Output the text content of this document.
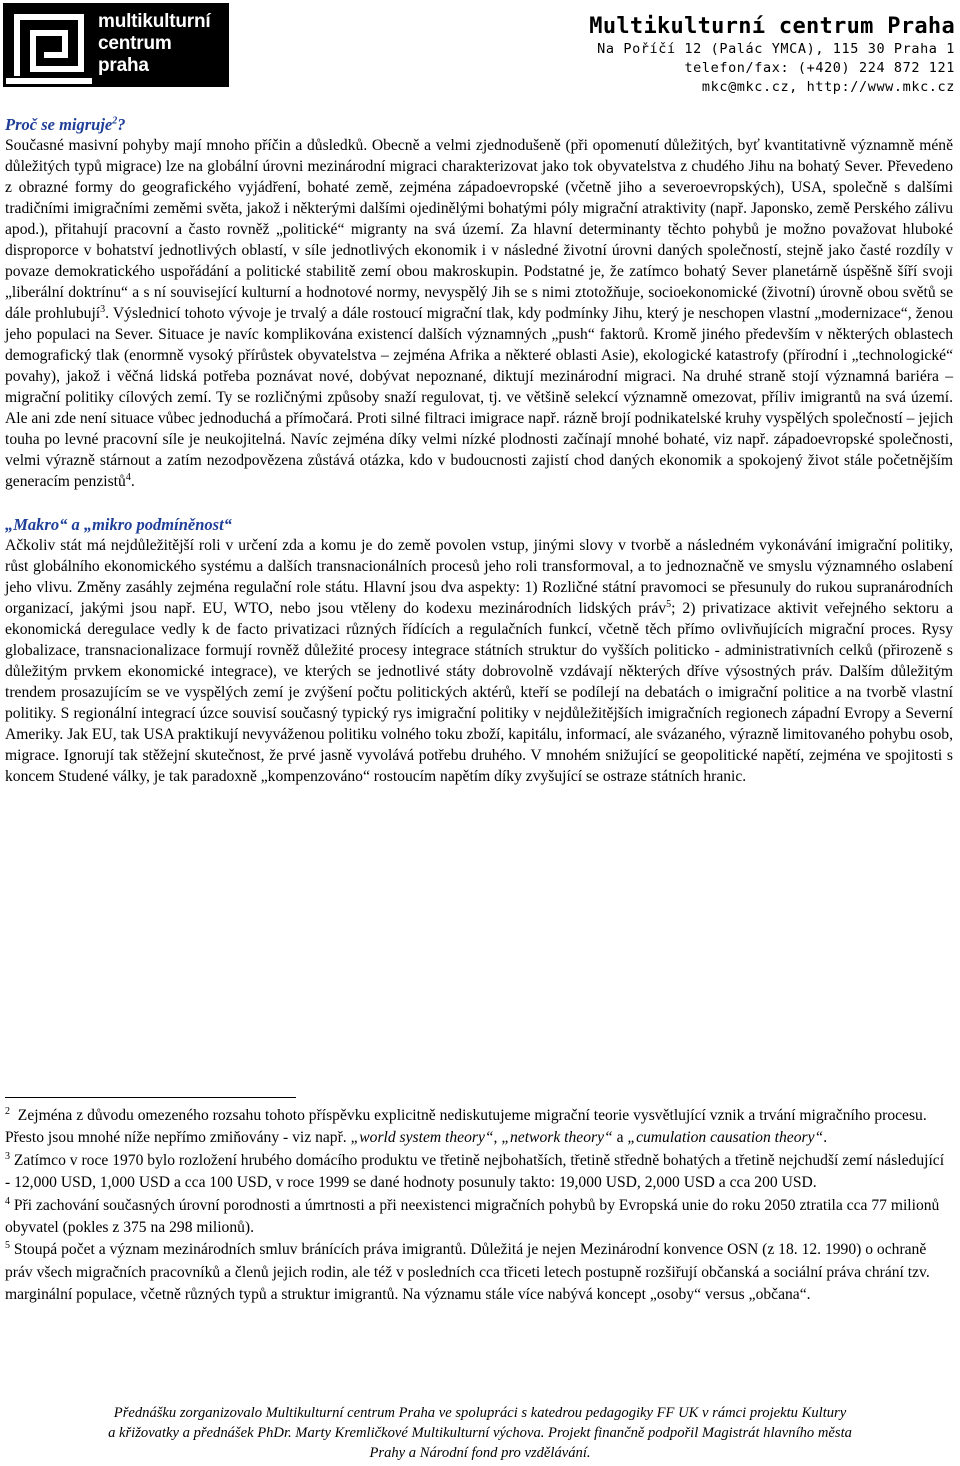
multikulturní
centrum
praha
Multikulturní centrum Praha
Na Poříčí 12 (Palác YMCA), 115 30 Praha 1
telefon/fax: (+420) 224 872 121
mkc@mkc.cz, http://www.mkc.cz

Proč se migruje$^2$?

Současné masivní pohyby mají mnoho příčin a důsledků. Obecně a velmi zjednodušeně (při opomenutí důležitých, byť kvantitativně významně méně důležitých typů migrace) lze na globální úrovni mezinárodní migraci charakterizovat jako tok obyvatelstva z chudého Jihu na bohatý Sever. Převedeno z obrazné formy do geografického vyjádření, bohaté země, zejména západoevropské (včetně jiho a severoevropských), USA, společně s dalšími tradičními imigračními zeměmi světa, jakož i některými dalšími ojedinělými bohatými póly migrační atraktivity (např. Japonsko, země Perského zálivu apod.), přitahují pracovní a často rovněž „politické“ migranty na svá území. Za hlavní determinanty těchto pohybů je možno považovat hluboké disproporce v bohatství jednotlivých oblastí, v síle jednotlivých ekonomik i v následné životní úrovni daných společností, stejně jako časté rozdíly v povaze demokratického uspořádání a politické stabilitě zemí obou makroskupin. Podstatné je, že zatímco bohatý Sever planetárně úspěšně šíří svoji „liberální doktrínu“ a s ní související kulturní a hodnotové normy, nevyspělý Jih se s nimi ztotožňuje, socioekonomické (životní) úrovně obou světů se dále prohlubují$^3$. Výslednicí tohoto vývoje je trvalý a dále rostoucí migrační tlak, kdy podmínky Jihu, který je neschopen vlastní „modernizace“, ženou jeho populaci na Sever. Situace je navíc komplikována existencí dalších významných „push“ faktorů. Kromě jiného především v některých oblastech demografický tlak (enormně vysoký přírůstek obyvatelstva – zejména Afrika a některé oblasti Asie), ekologické katastrofy (přírodní i „technologické“ povahy), jakož i věčná lidská potřeba poznávat nové, dobývat nepoznané, diktují mezinárodní migraci. Na druhé straně stojí významná bariéra – migrační politiky cílových zemí. Ty se rozličnými způsoby snaží regulovat, tj. ve většině selekcí významně omezovat, příliv imigrantů na svá území. Ale ani zde není situace vůbec jednoduchá a přímočará. Proti silné filtraci imigrace např. rázně brojí podnikatelské kruhy vyspělých společností – jejich touha po levné pracovní síle je neukojitelná. Navíc zejména díky velmi nízké plodnosti začínají mnohé bohaté, viz např. západoevropské společnosti, velmi výrazně stárnout a zatím nezodpovězena zůstává otázka, kdo v budoucnosti zajistí chod daných ekonomik a spokojený život stále početnějším generacím penzistů$^4$.

„Makro“ a „mikro podmíněnost“

Ačkoliv stát má nejdůležitější roli v určení zda a komu je do země povolen vstup, jinými slovy v tvorbě a následném vykonávání imigrační politiky, růst globálního ekonomického systému a dalších transnacionálních procesů jeho roli transformoval, a to jednoznačně ve smyslu významného oslabení jeho vlivu. Změny zasáhly zejména regulační role státu. Hlavní jsou dva aspekty: 1) Rozličné státní pravomoci se přesunuly do rukou supranárodních organizací, jakými jsou např. EU, WTO, nebo jsou vtěleny do kodexu mezinárodních lidských práv$^5$; 2) privatizace aktivit veřejného sektoru a ekonomická deregulace vedly k de facto privatizaci různých řídících a regulačních funkcí, včetně těch přímo ovlivňujících migrační proces. Rysy globalizace, transnacionalizace formují rovněž důležité procesy integrace státních struktur do vyšších politicko - administrativních celků (přirozeně s důležitým prvkem ekonomické integrace), ve kterých se jednotlivé státy dobrovolně vzdávají některých dříve výsostných práv. Dalším důležitým trendem prosazujícím se ve vyspělých zemí je zvýšení počtu politických aktérů, kteří se podílejí na debatách o imigrační politice a na tvorbě vlastní politiky. S regionální integrací úzce souvisí současný typický rys imigrační politiky v nejdůležitějších imigračních regionech západní Evropy a Severní Ameriky. Jak EU, tak USA praktikují nevyváženou politiku volného toku zboží, kapitálu, informací, ale svázaného, výrazně limitovaného pohybu osob, migrace. Ignorují tak stěžejní skutečnost, že prvé jasně vyvolává potřebu druhého. V mnohém snižující se geopolitické napětí, zejména ve spojitosti s koncem Studené války, je tak paradoxně „kompenzováno“ rostoucím napětím díky zvyšující se ostraze státních hranic.

$^2$ Zejména z důvodu omezeného rozsahu tohoto příspěvku explicitně nediskutujeme migrační teorie vysvětlující vznik a trvání migračního procesu. Přesto jsou mnohé níže nepřímo zmiňovány - viz např. „world system theory“, „network theory“ a „cumulation causation theory“.

$^3$ Zatímco v roce 1970 bylo rozložení hrubého domácího produktu ve třetině nejbohatších, třetině středně bohatých a třetině nejchudší zemí následující - 12,000 USD, 1,000 USD a cca 100 USD, v roce 1999 se dané hodnoty posunuly takto: 19,000 USD, 2,000 USD a cca 200 USD.

$^4$ Při zachování současných úrovní porodnosti a úmrtnosti a při neexistenci migračních pohybů by Evropská unie do roku 2050 ztratila cca 77 milionů obyvatel (pokles z 375 na 298 milionů).

$^5$ Stoupá počet a význam mezinárodních smluv bránících práva imigrantů. Důležitá je nejen Mezinárodní konvence OSN (z 18. 12. 1990) o ochraně práv všech migračních pracovníků a členů jejich rodin, ale též v posledních cca třiceti letech postupně rozšiřují občanská a sociální práva chrání tzv. marginální populace, včetně různých typů a struktur imigrantů. Na významu stále více nabývá koncept „osoby“ versus „občana“.

Přednášku zorganizovalo Multikulturní centrum Praha ve spolupráci s katedrou pedagogiky FF UK v rámci projektu Kultury
a křižovatky a přednášek PhDr. Marty Kremličkové Multikulturní výchova. Projekt finančně podpořil Magistrát hlavního města
Prahy a Národní fond pro vzdělávání.
